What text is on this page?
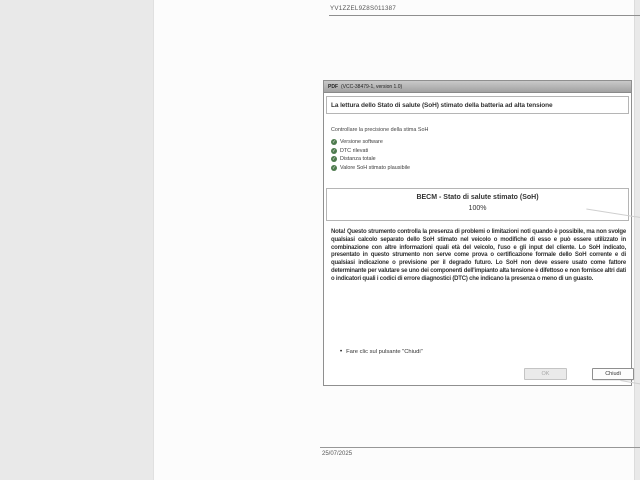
YV1ZZEL9Z8S011387
PDF (VCC-38479-1, version 1.0)
La lettura dello Stato di salute (SoH) stimato della batteria ad alta tensione
Controllare la precisione della stima SoH
✓ Versione software
✓ DTC rilevati
✓ Distanza totale
✓ Valore SoH stimato plausibile
BECM - Stato di salute stimato (SoH)
100%
Nota! Questo strumento controlla la presenza di problemi o limitazioni noti quando è possibile, ma non svolge qualsiasi calcolo separato dello SoH stimato nel veicolo o modifiche di esso e può essere utilizzato in combinazione con altre informazioni quali età del veicolo, l'uso e gli input del cliente. Lo SoH indicato, presentato in questo strumento non serve come prova o certificazione formale dello SoH corrente e di qualsiasi indicazione o previsione per il degrado futuro. Lo SoH non deve essere usato come fattore determinante per valutare se uno dei componenti dell'impianto alta tensione è difettoso e non fornisce altri dati o indicatori quali i codici di errore diagnostici (DTC) che indicano la presenza o meno di un guasto.
• Fare clic sul pulsante "Chiudi"
OK	Chiudi
25/07/2025
